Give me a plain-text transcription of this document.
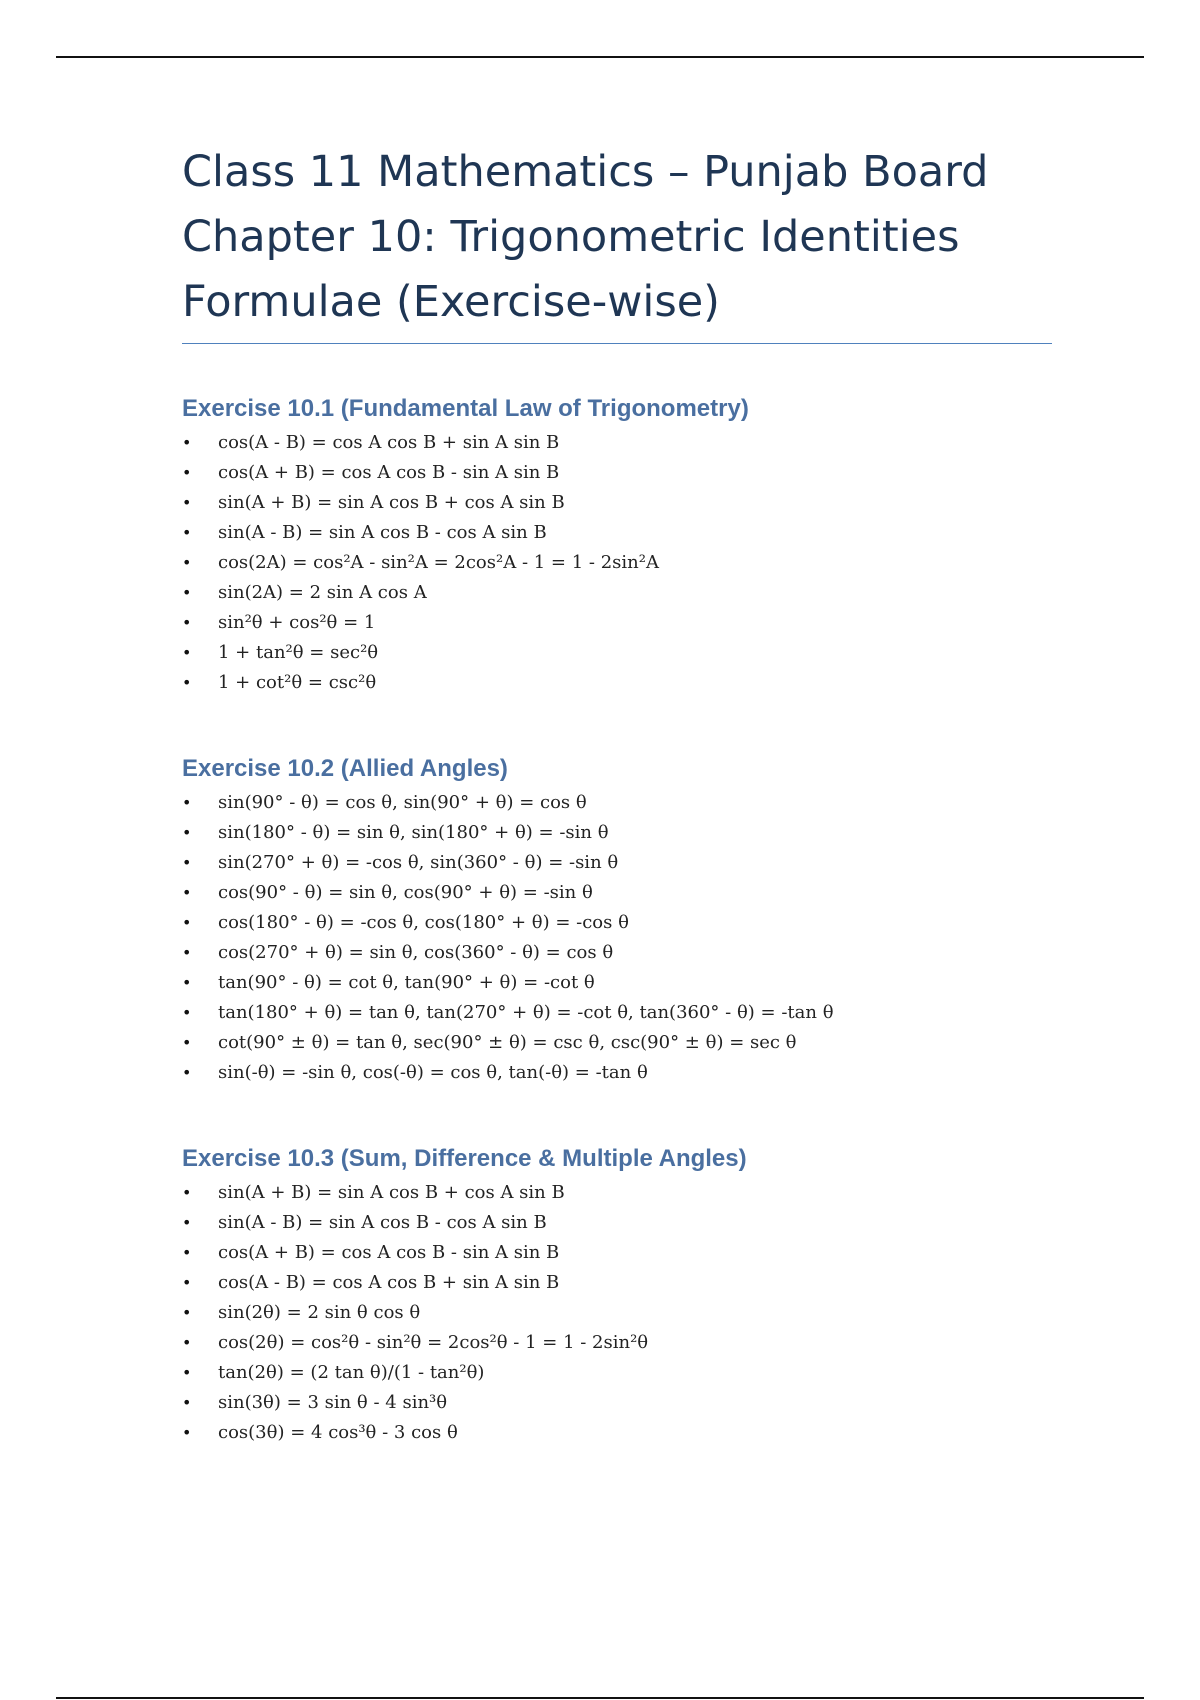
Class 11 Mathematics – Punjab Board
Chapter 10: Trigonometric Identities
Formulae (Exercise-wise)
Exercise 10.1 (Fundamental Law of Trigonometry)
• cos(A - B) = cos A cos B + sin A sin B
• cos(A + B) = cos A cos B - sin A sin B
• sin(A + B) = sin A cos B + cos A sin B
• sin(A - B) = sin A cos B - cos A sin B
• cos(2A) = cos²A - sin²A = 2cos²A - 1 = 1 - 2sin²A
• sin(2A) = 2 sin A cos A
• sin²θ + cos²θ = 1
• 1 + tan²θ = sec²θ
• 1 + cot²θ = csc²θ
Exercise 10.2 (Allied Angles)
• sin(90° - θ) = cos θ, sin(90° + θ) = cos θ
• sin(180° - θ) = sin θ, sin(180° + θ) = -sin θ
• sin(270° + θ) = -cos θ, sin(360° - θ) = -sin θ
• cos(90° - θ) = sin θ, cos(90° + θ) = -sin θ
• cos(180° - θ) = -cos θ, cos(180° + θ) = -cos θ
• cos(270° + θ) = sin θ, cos(360° - θ) = cos θ
• tan(90° - θ) = cot θ, tan(90° + θ) = -cot θ
• tan(180° + θ) = tan θ, tan(270° + θ) = -cot θ, tan(360° - θ) = -tan θ
• cot(90° ± θ) = tan θ, sec(90° ± θ) = csc θ, csc(90° ± θ) = sec θ
• sin(-θ) = -sin θ, cos(-θ) = cos θ, tan(-θ) = -tan θ
Exercise 10.3 (Sum, Difference & Multiple Angles)
• sin(A + B) = sin A cos B + cos A sin B
• sin(A - B) = sin A cos B - cos A sin B
• cos(A + B) = cos A cos B - sin A sin B
• cos(A - B) = cos A cos B + sin A sin B
• sin(2θ) = 2 sin θ cos θ
• cos(2θ) = cos²θ - sin²θ = 2cos²θ - 1 = 1 - 2sin²θ
• tan(2θ) = (2 tan θ)/(1 - tan²θ)
• sin(3θ) = 3 sin θ - 4 sin³θ
• cos(3θ) = 4 cos³θ - 3 cos θ
